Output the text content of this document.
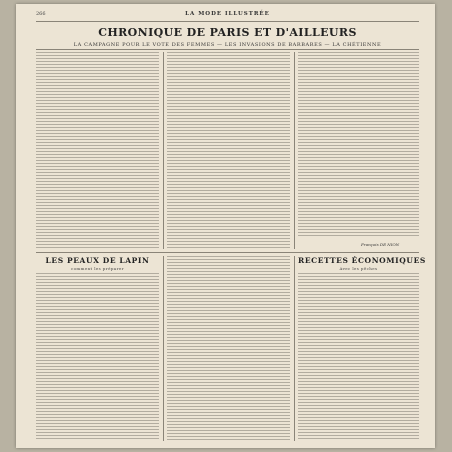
266	LA MODE ILLUSTRÉE
CHRONIQUE DE PARIS ET D'AILLEURS
LA CAMPAGNE POUR LE VOTE DES FEMMES — LES INVASIONS DE BARBARES — LA CHÉTIENNE
François DE NION
LES PEAUX DE LAPIN
comment les préparer
RECETTES ÉCONOMIQUES
Avec les pêches
